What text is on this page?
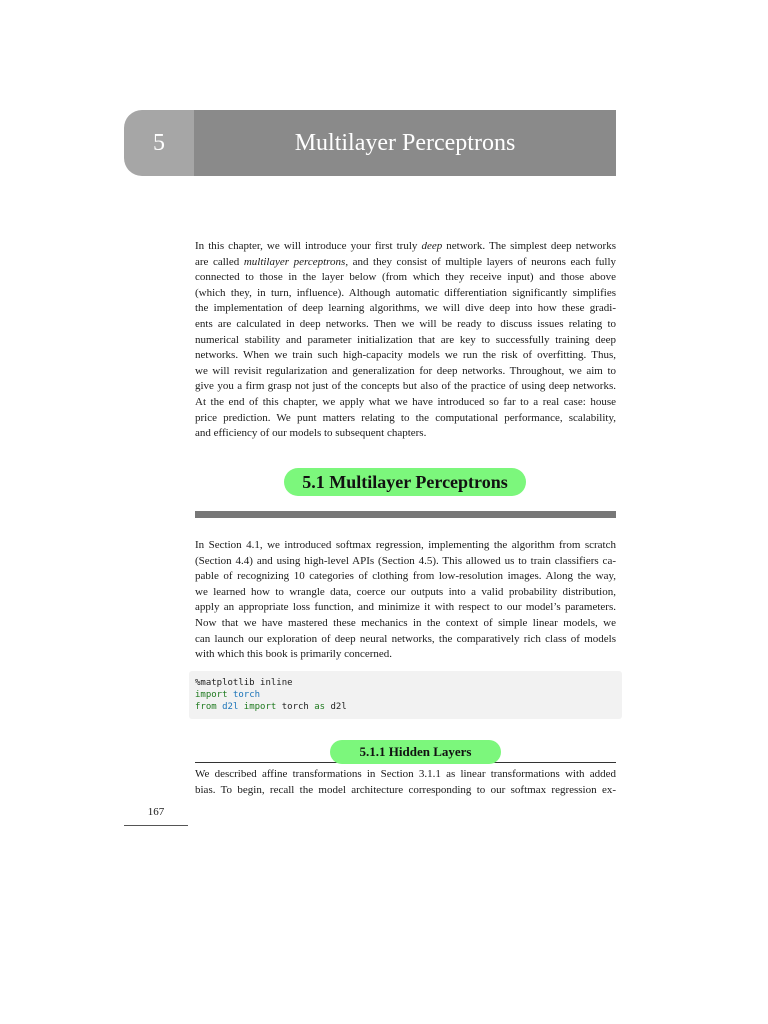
5	Multilayer Perceptrons
In this chapter, we will introduce your first truly deep network. The simplest deep networks
are called multilayer perceptrons, and they consist of multiple layers of neurons each fully
connected to those in the layer below (from which they receive input) and those above
(which they, in turn, influence). Although automatic differentiation significantly simplifies
the implementation of deep learning algorithms, we will dive deep into how these gradi-
ents are calculated in deep networks. Then we will be ready to discuss issues relating to
numerical stability and parameter initialization that are key to successfully training deep
networks. When we train such high-capacity models we run the risk of overfitting. Thus,
we will revisit regularization and generalization for deep networks. Throughout, we aim to
give you a firm grasp not just of the concepts but also of the practice of using deep networks.
At the end of this chapter, we apply what we have introduced so far to a real case: house
price prediction. We punt matters relating to the computational performance, scalability,
and efficiency of our models to subsequent chapters.
5.1 Multilayer Perceptrons
In Section 4.1, we introduced softmax regression, implementing the algorithm from scratch
(Section 4.4) and using high-level APIs (Section 4.5). This allowed us to train classifiers ca-
pable of recognizing 10 categories of clothing from low-resolution images. Along the way,
we learned how to wrangle data, coerce our outputs into a valid probability distribution,
apply an appropriate loss function, and minimize it with respect to our model’s parameters.
Now that we have mastered these mechanics in the context of simple linear models, we
can launch our exploration of deep neural networks, the comparatively rich class of models
with which this book is primarily concerned.
%matplotlib inline
import torch
from d2l import torch as d2l
5.1.1 Hidden Layers
We described affine transformations in Section 3.1.1 as linear transformations with added
bias. To begin, recall the model architecture corresponding to our softmax regression ex-
167
